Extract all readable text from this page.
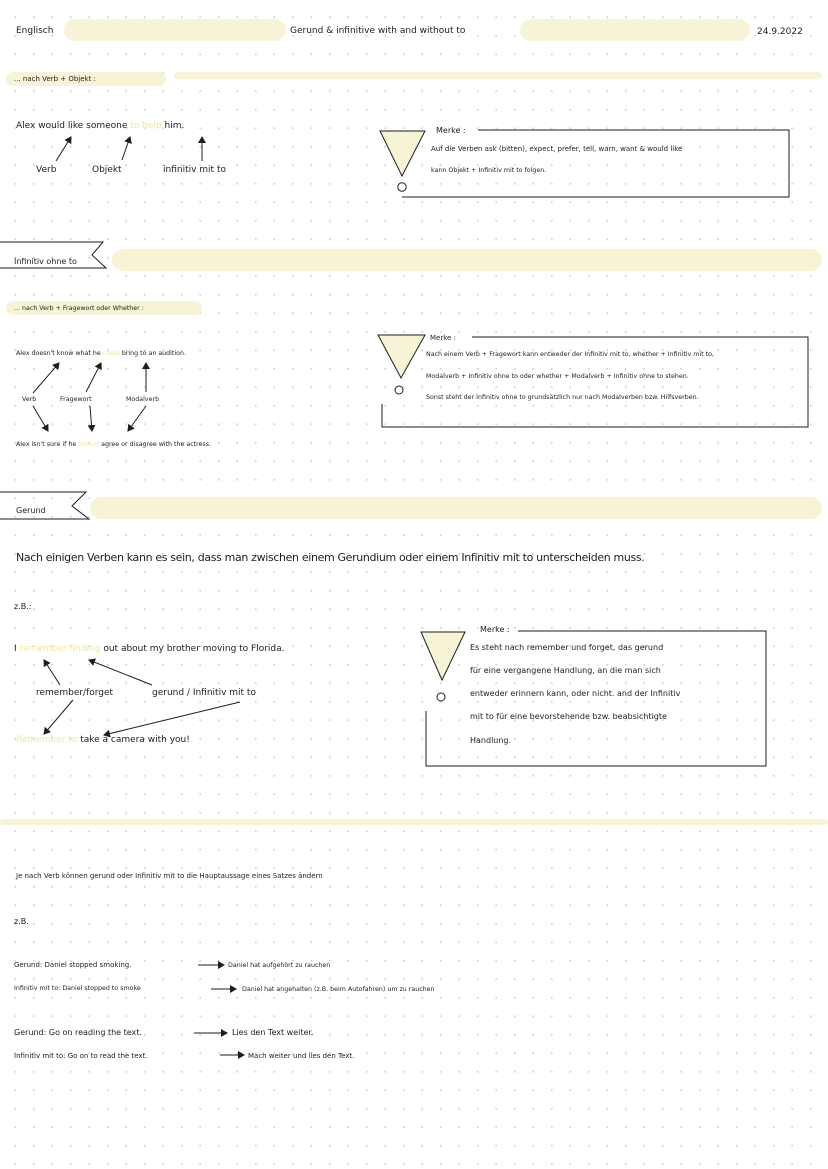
Englisch	Gerund & infinitive with and without to	24.9.2022
... nach Verb + Objekt :
Alex would like someone to help him.
Verb	Objekt	infinitiv mit to
Merke :
Auf die Verben ask (bitten), expect, prefer, tell, warn, want & would like
kann Objekt + Infinitiv mit to folgen.
Infinitiv ohne to
... nach Verb + Fragewort oder Whether :
Alex doesn't know what he could bring to an audition.
Verb	Fragewort	Modalverb
Alex isn't sure if he should agree or disagree with the actress.
Merke :
Nach einem Verb + Fragewort kann entweder der Infinitiv mit to, whether + Infinitiv mit to,
Modalverb + Infinitiv ohne to oder whether + Modalverb + Infinitiv ohne to stehen.
Sonst steht der Infinitiv ohne to grundsätzlich nur nach Modalverben bzw. Hilfsverben.
Gerund
Nach einigen Verben kann es sein, dass man zwischen einem Gerundium oder einem Infinitiv mit to unterscheiden muss.
z.B.:
I remember finding out about my brother moving to Florida.
remember/forget	gerund / Infinitiv mit to
Remember to take a camera with you!
Merke :
Es steht nach remember und forget, das gerund
für eine vergangene Handlung, an die man sich
entweder erinnern kann, oder nicht. and der Infinitiv
mit to für eine bevorstehende bzw. beabsichtigte
Handlung.
Je nach Verb können gerund oder Infinitiv mit to die Hauptaussage eines Satzes ändern
z.B.
Gerund: Daniel stopped smoking.	Daniel hat aufgehört zu rauchen
Infinitiv mit to: Daniel stopped to smoke	Daniel hat angehalten (z.B. beim Autofahren) um zu rauchen
Gerund: Go on reading the text.	Lies den Text weiter.
Infinitiv mit to: Go on to read the text.	Mach weiter und lies den Text.
